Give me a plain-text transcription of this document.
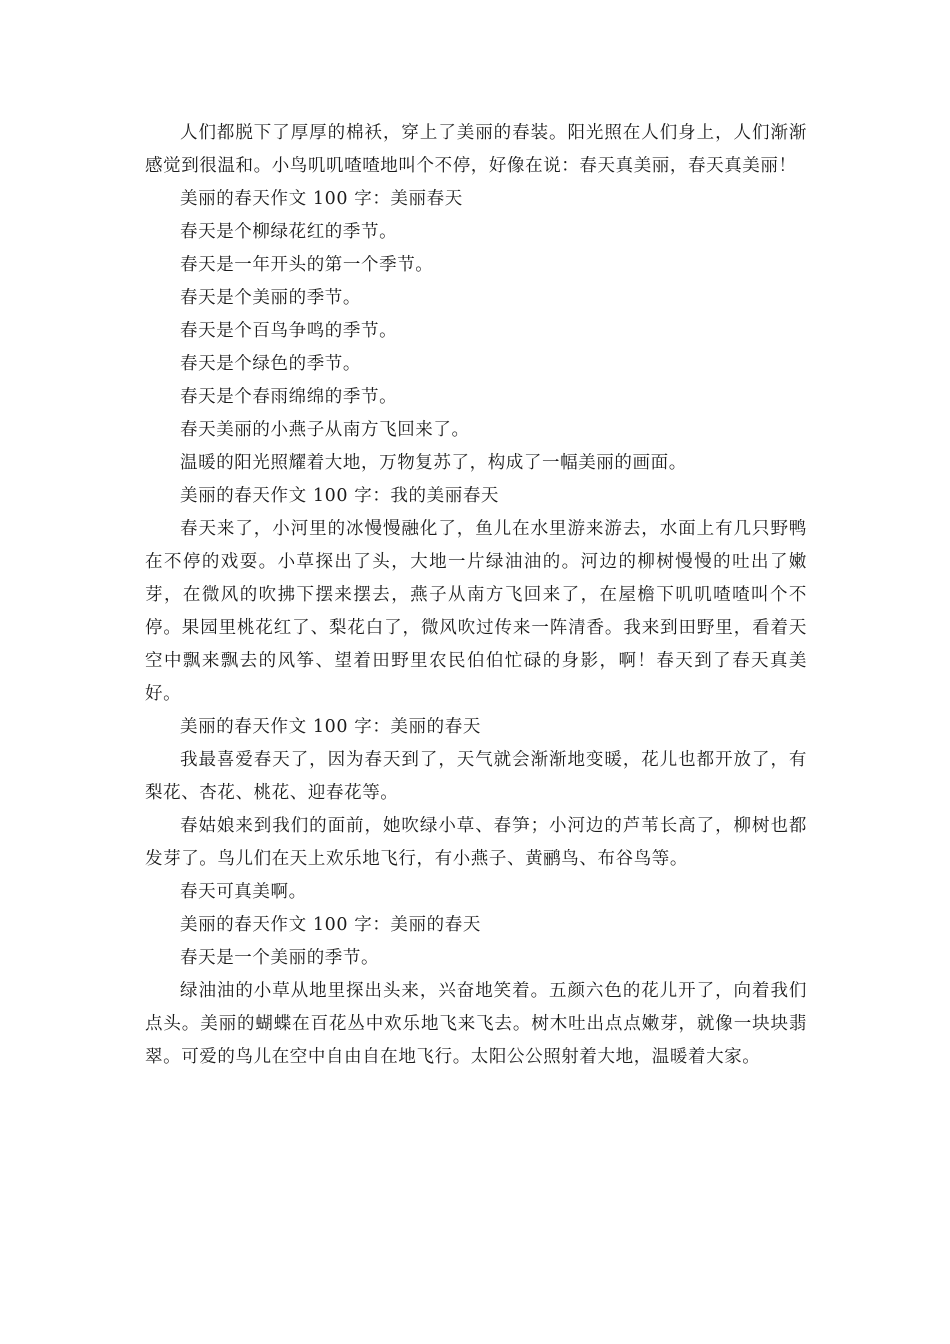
人们都脱下了厚厚的棉袄，穿上了美丽的春装。阳光照在人们身上，人们渐渐感觉到很温和。小鸟叽叽喳喳地叫个不停，好像在说：春天真美丽，春天真美丽！

美丽的春天作文 100 字：美丽春天

春天是个柳绿花红的季节。

春天是一年开头的第一个季节。

春天是个美丽的季节。

春天是个百鸟争鸣的季节。

春天是个绿色的季节。

春天是个春雨绵绵的季节。

春天美丽的小燕子从南方飞回来了。

温暖的阳光照耀着大地，万物复苏了，构成了一幅美丽的画面。

美丽的春天作文 100 字：我的美丽春天

春天来了，小河里的冰慢慢融化了，鱼儿在水里游来游去，水面上有几只野鸭在不停的戏耍。小草探出了头，大地一片绿油油的。河边的柳树慢慢的吐出了嫩芽，在微风的吹拂下摆来摆去，燕子从南方飞回来了，在屋檐下叽叽喳喳叫个不停。果园里桃花红了、梨花白了，微风吹过传来一阵清香。我来到田野里，看着天空中飘来飘去的风筝、望着田野里农民伯伯忙碌的身影，啊！春天到了春天真美好。

美丽的春天作文 100 字：美丽的春天

我最喜爱春天了，因为春天到了，天气就会渐渐地变暖，花儿也都开放了，有梨花、杏花、桃花、迎春花等。

春姑娘来到我们的面前，她吹绿小草、春笋；小河边的芦苇长高了，柳树也都发芽了。鸟儿们在天上欢乐地飞行，有小燕子、黄鹂鸟、布谷鸟等。

春天可真美啊。

美丽的春天作文 100 字：美丽的春天

春天是一个美丽的季节。

绿油油的小草从地里探出头来，兴奋地笑着。五颜六色的花儿开了，向着我们点头。美丽的蝴蝶在百花丛中欢乐地飞来飞去。树木吐出点点嫩芽，就像一块块翡翠。可爱的鸟儿在空中自由自在地飞行。太阳公公照射着大地，温暖着大家。
